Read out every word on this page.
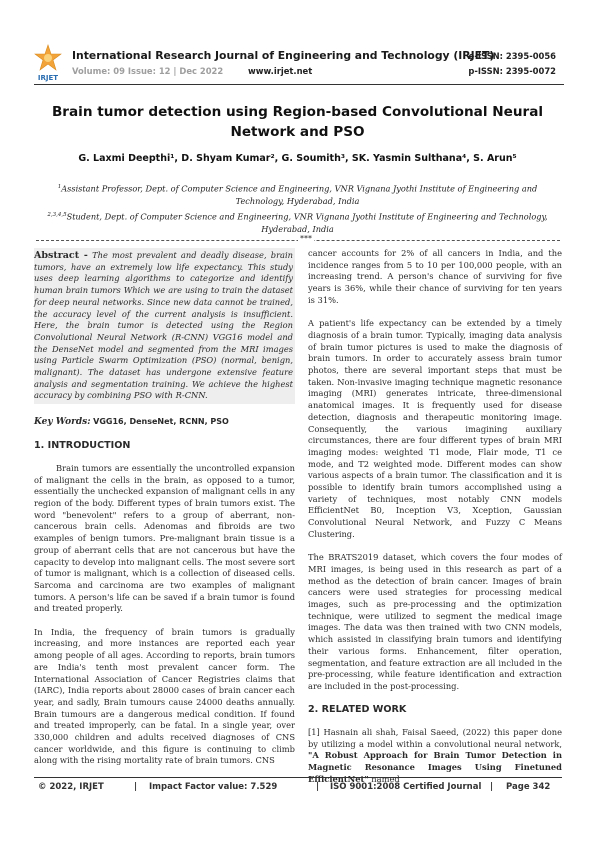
IRJET
International Research Journal of Engineering and Technology (IRJET)
Volume: 09 Issue: 12 | Dec 2022	www.irjet.net
e-ISSN: 2395-0056
p-ISSN: 2395-0072
Brain tumor detection using Region-based Convolutional Neural Network and PSO
G. Laxmi Deepthi¹, D. Shyam Kumar², G. Soumith³, SK. Yasmin Sulthana⁴, S. Arun⁵
$^1$Assistant Professor, Dept. of Computer Science and Engineering, VNR Vignana Jyothi Institute of Engineering and Technology, Hyderabad, India
$^{2,3,4,5}$Student, Dept. of Computer Science and Engineering, VNR Vignana Jyothi Institute of Engineering and Technology, Hyderabad, India
***

Abstract - The most prevalent and deadly disease, brain tumors, have an extremely low life expectancy. This study uses deep learning algorithms to categorize and identify human brain tumors Which we are using to train the dataset for deep neural networks. Since new data cannot be trained, the accuracy level of the current analysis is insufficient. Here, the brain tumor is detected using the Region Convolutional Neural Network (R-CNN) VGG16 model and the DenseNet model and segmented from the MRI images using Particle Swarm Optimization (PSO) (normal, benign, malignant). The dataset has undergone extensive feature analysis and segmentation training. We achieve the highest accuracy by combining PSO with R-CNN.

Key Words: VGG16, DenseNet, RCNN, PSO

1. INTRODUCTION

Brain tumors are essentially the uncontrolled expansion of malignant the cells in the brain, as opposed to a tumor, essentially the unchecked expansion of malignant cells in any region of the body. Different types of brain tumors exist. The word "benevolent" refers to a group of aberrant, non-cancerous brain cells. Adenomas and fibroids are two examples of benign tumors. Pre-malignant brain tissue is a group of aberrant cells that are not cancerous but have the capacity to develop into malignant cells. The most severe sort of tumor is malignant, which is a collection of diseased cells. Sarcoma and carcinoma are two examples of malignant tumors. A person's life can be saved if a brain tumor is found and treated properly.

In India, the frequency of brain tumors is gradually increasing, and more instances are reported each year among people of all ages. According to reports, brain tumors are India's tenth most prevalent cancer form. The International Association of Cancer Registries claims that (IARC), India reports about 28000 cases of brain cancer each year, and sadly, Brain tumours cause 24000 deaths annually. Brain tumours are a dangerous medical condition. If found and treated improperly, can be fatal. In a single year, over 330,000 children and adults received diagnoses of CNS cancer worldwide, and this figure is continuing to climb along with the rising mortality rate of brain tumors. CNS

cancer accounts for 2% of all cancers in India, and the incidence ranges from 5 to 10 per 100,000 people, with an increasing trend. A person's chance of surviving for five years is 36%, while their chance of surviving for ten years is 31%.

A patient's life expectancy can be extended by a timely diagnosis of a brain tumor. Typically, imaging data analysis of brain tumor pictures is used to make the diagnosis of brain tumors. In order to accurately assess brain tumor photos, there are several important steps that must be taken. Non-invasive imaging technique magnetic resonance imaging (MRI) generates intricate, three-dimensional anatomical images. It is frequently used for disease detection, diagnosis and therapeutic monitoring image. Consequently, the various imagining auxiliary circumstances, there are four different types of brain MRI imaging modes: weighted T1 mode, Flair mode, T1 ce mode, and T2 weighted mode. Different modes can show various aspects of a brain tumor. The classification and it is possible to identify brain tumors accomplished using a variety of techniques, most notably CNN models EfficientNet B0, Inception V3, Xception, Gaussian Convolutional Neural Network, and Fuzzy C Means Clustering.

The BRATS2019 dataset, which covers the four modes of MRI images, is being used in this research as part of a method as the detection of brain cancer. Images of brain cancers were used strategies for processing medical images, such as pre-processing and the optimization technique, were utilized to segment the medical image images. The data was then trained with two CNN models, which assisted in classifying brain tumors and identifying their various forms. Enhancement, filter operation, segmentation, and feature extraction are all included in the pre-processing, while feature identification and extraction are included in the post-processing.

2. RELATED WORK

[1] Hasnain ali shah, Faisal Saeed, (2022) this paper done by utilizing a model within a convolutional neural network, "A Robust Approach for Brain Tumor Detection in Magnetic Resonance Images Using Finetuned EfficientNet" named

© 2022, IRJET	| Impact Factor value: 7.529	| ISO 9001:2008 Certified Journal | Page 342
